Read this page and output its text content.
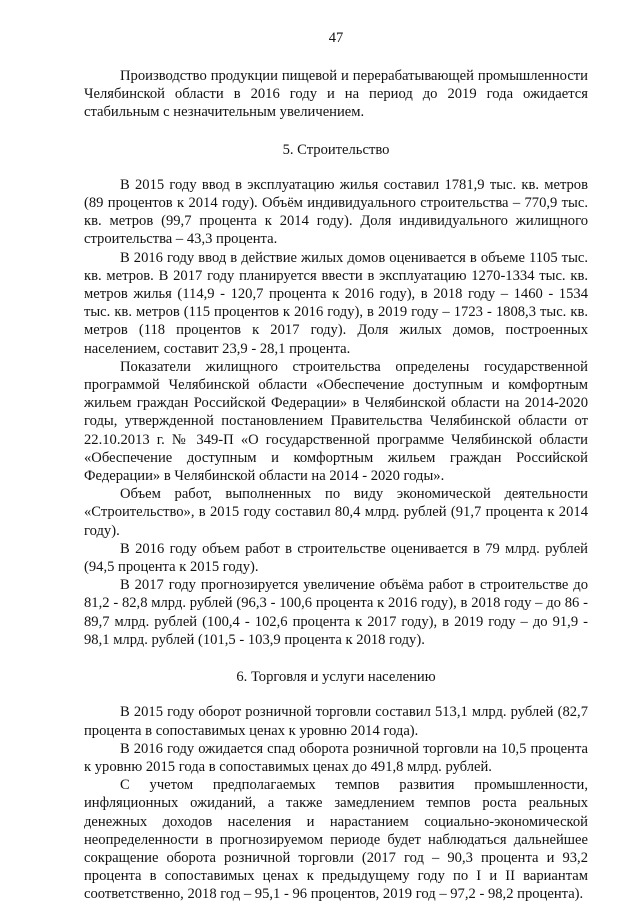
47

Производство продукции пищевой и перерабатывающей промышленности Челябинской области в 2016 году и на период до 2019 года ожидается стабильным с незначительным увеличением.

5. Строительство

В 2015 году ввод в эксплуатацию жилья составил 1781,9 тыс. кв. метров (89 процентов к 2014 году). Объём индивидуального строительства – 770,9 тыс. кв. метров (99,7 процента к 2014 году). Доля индивидуального жилищного строительства – 43,3 процента.

В 2016 году ввод в действие жилых домов оценивается в объеме 1105 тыс. кв. метров. В 2017 году планируется ввести в эксплуатацию 1270-1334 тыс. кв. метров жилья (114,9 - 120,7 процента к 2016 году), в 2018 году – 1460 - 1534 тыс. кв. метров (115 процентов к 2016 году), в 2019 году – 1723 - 1808,3 тыс. кв. метров (118 процентов к 2017 году). Доля жилых домов, построенных населением, составит 23,9 - 28,1 процента.

Показатели жилищного строительства определены государственной программой Челябинской области «Обеспечение доступным и комфортным жильем граждан Российской Федерации» в Челябинской области на 2014-2020 годы, утвержденной постановлением Правительства Челябинской области от 22.10.2013 г. № 349-П «О государственной программе Челябинской области «Обеспечение доступным и комфортным жильем граждан Российской Федерации» в Челябинской области на 2014 - 2020 годы».

Объем работ, выполненных по виду экономической деятельности «Строительство», в 2015 году составил 80,4 млрд. рублей (91,7 процента к 2014 году).

В 2016 году объем работ в строительстве оценивается в 79 млрд. рублей (94,5 процента к 2015 году).

В 2017 году прогнозируется увеличение объёма работ в строительстве до 81,2 - 82,8 млрд. рублей (96,3 - 100,6 процента к 2016 году), в 2018 году – до 86 - 89,7 млрд. рублей (100,4 - 102,6 процента к 2017 году), в 2019 году – до 91,9 - 98,1 млрд. рублей (101,5 - 103,9 процента к 2018 году).

6. Торговля и услуги населению

В 2015 году оборот розничной торговли составил 513,1 млрд. рублей (82,7 процента в сопоставимых ценах к уровню 2014 года).

В 2016 году ожидается спад оборота розничной торговли на 10,5 процента к уровню 2015 года в сопоставимых ценах до 491,8 млрд. рублей.

С учетом предполагаемых темпов развития промышленности, инфляционных ожиданий, а также замедлением темпов роста реальных денежных доходов населения и нарастанием социально-экономической неопределенности в прогнозируемом периоде будет наблюдаться дальнейшее сокращение оборота розничной торговли (2017 год – 90,3 процента и 93,2 процента в сопоставимых ценах к предыдущему году по I и II вариантам соответственно, 2018 год – 95,1 - 96 процентов, 2019 год – 97,2 - 98,2 процента).
